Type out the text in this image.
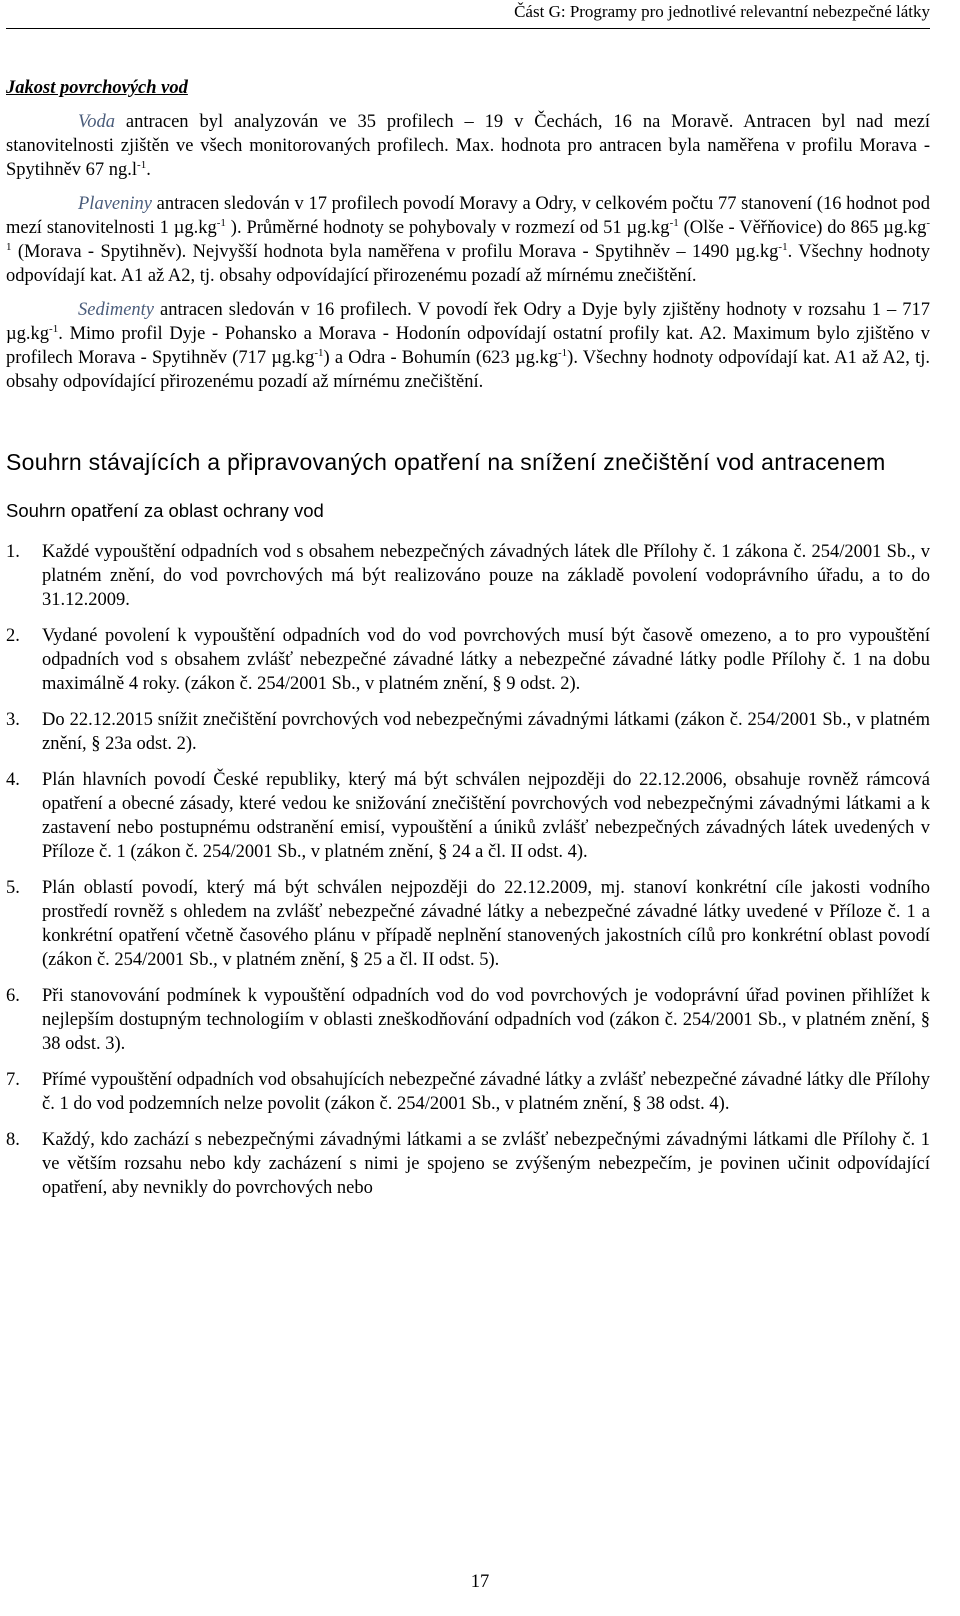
Část G: Programy pro jednotlivé relevantní nebezpečné látky
Jakost povrchových vod

Voda antracen byl analyzován ve 35 profilech – 19 v Čechách, 16 na Moravě. Antracen byl nad mezí stanovitelnosti zjištěn ve všech monitorovaných profilech. Max. hodnota pro antracen byla naměřena v profilu Morava - Spytihněv 67 $ng.l^{-1}$.

Plaveniny antracen sledován v 17 profilech povodí Moravy a Odry, v celkovém počtu 77 stanovení (16 hodnot pod mezí stanovitelnosti 1 $\mu g.kg^{-1}$ ). Průměrné hodnoty se pohybovaly v rozmezí od 51 $\mu g.kg^{-1}$ (Olše - Věřňovice) do 865 $\mu g.kg^{-1}$ (Morava - Spytihněv). Nejvyšší hodnota byla naměřena v profilu Morava - Spytihněv – 1490 $\mu g.kg^{-1}$. Všechny hodnoty odpovídají kat. A1 až A2, tj. obsahy odpovídající přirozenému pozadí až mírnému znečištění.

Sedimenty antracen sledován v 16 profilech. V povodí řek Odry a Dyje byly zjištěny hodnoty v rozsahu 1 – 717 $\mu g.kg^{-1}$. Mimo profil Dyje - Pohansko a Morava - Hodonín odpovídají ostatní profily kat. A2. Maximum bylo zjištěno v profilech Morava - Spytihněv (717 $\mu g.kg^{-1}$) a Odra - Bohumín (623 $\mu g.kg^{-1}$). Všechny hodnoty odpovídají kat. A1 až A2, tj. obsahy odpovídající přirozenému pozadí až mírnému znečištění.

Souhrn stávajících a připravovaných opatření na snížení znečištění vod antracenem
Souhrn opatření za oblast ochrany vod
1. Každé vypouštění odpadních vod s obsahem nebezpečných závadných látek dle Přílohy č. 1 zákona č. 254/2001 Sb., v platném znění, do vod povrchových má být realizováno pouze na základě povolení vodoprávního úřadu, a to do 31.12.2009.
2. Vydané povolení k vypouštění odpadních vod do vod povrchových musí být časově omezeno, a to pro vypouštění odpadních vod s obsahem zvlášť nebezpečné závadné látky a nebezpečné závadné látky podle Přílohy č. 1 na dobu maximálně 4 roky. (zákon č. 254/2001 Sb., v platném znění, § 9 odst. 2).
3. Do 22.12.2015 snížit znečištění povrchových vod nebezpečnými závadnými látkami (zákon č. 254/2001 Sb., v platném znění, § 23a odst. 2).
4. Plán hlavních povodí České republiky, který má být schválen nejpozději do 22.12.2006, obsahuje rovněž rámcová opatření a obecné zásady, které vedou ke snižování znečištění povrchových vod nebezpečnými závadnými látkami a k zastavení nebo postupnému odstranění emisí, vypouštění a úniků zvlášť nebezpečných závadných látek uvedených v Příloze č. 1 (zákon č. 254/2001 Sb., v platném znění, § 24 a čl. II odst. 4).
5. Plán oblastí povodí, který má být schválen nejpozději do 22.12.2009, mj. stanoví konkrétní cíle jakosti vodního prostředí rovněž s ohledem na zvlášť nebezpečné závadné látky a nebezpečné závadné látky uvedené v Příloze č. 1 a konkrétní opatření včetně časového plánu v případě neplnění stanovených jakostních cílů pro konkrétní oblast povodí (zákon č. 254/2001 Sb., v platném znění, § 25 a čl. II odst. 5).
6. Při stanovování podmínek k vypouštění odpadních vod do vod povrchových je vodoprávní úřad povinen přihlížet k nejlepším dostupným technologiím v oblasti zneškodňování odpadních vod (zákon č. 254/2001 Sb., v platném znění, § 38 odst. 3).
7. Přímé vypouštění odpadních vod obsahujících nebezpečné závadné látky a zvlášť nebezpečné závadné látky dle Přílohy č. 1 do vod podzemních nelze povolit (zákon č. 254/2001 Sb., v platném znění, § 38 odst. 4).
8. Každý, kdo zachází s nebezpečnými závadnými látkami a se zvlášť nebezpečnými závadnými látkami dle Přílohy č. 1 ve větším rozsahu nebo kdy zacházení s nimi je spojeno se zvýšeným nebezpečím, je povinen učinit odpovídající opatření, aby nevnikly do povrchových nebo
17
